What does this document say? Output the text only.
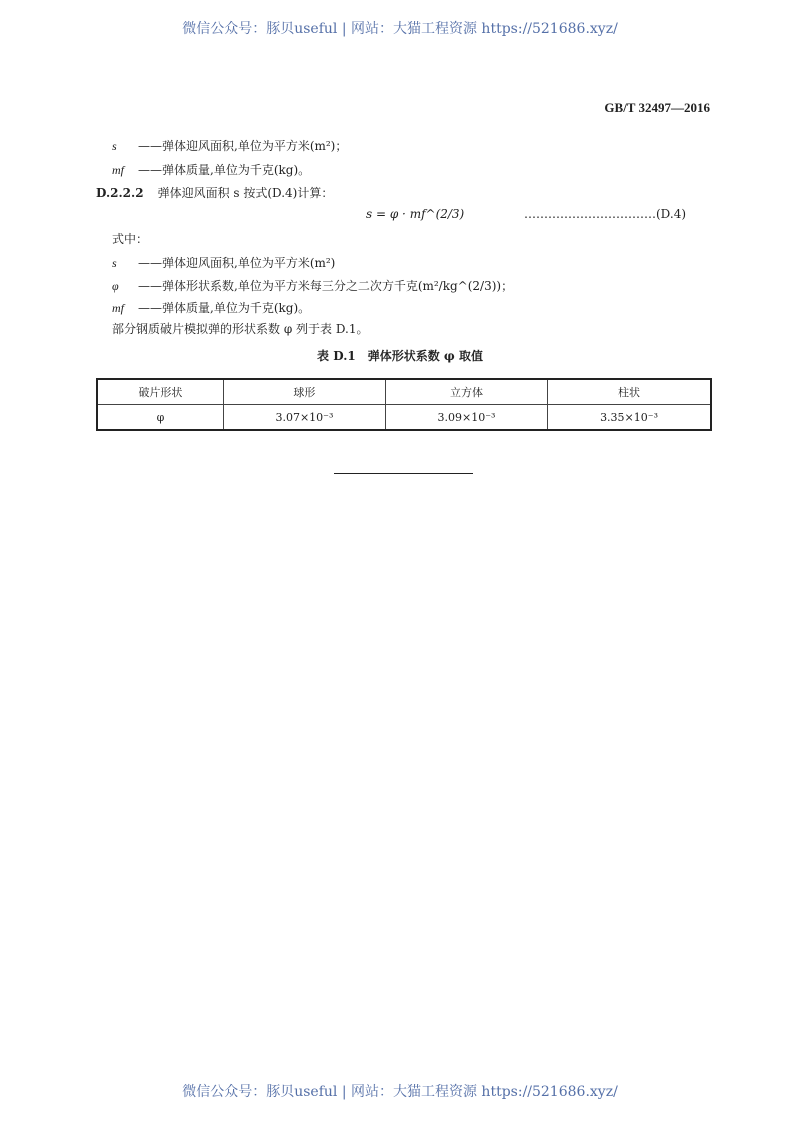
微信公众号：豚贝useful | 网站：大猫工程资源 https://521686.xyz/
GB/T 32497—2016
s ——弹体迎风面积,单位为平方米(m²)；
mf ——弹体质量,单位为千克(kg)。
D.2.2.2 弹体迎风面积 s 按式(D.4)计算：
s = φ · mf^(2/3)	……………………………(D.4)
式中：
s ——弹体迎风面积,单位为平方米(m²)
φ ——弹体形状系数,单位为平方米每三分之二次方千克(m²/kg^(2/3))；
mf ——弹体质量,单位为千克(kg)。
部分钢质破片模拟弹的形状系数 φ 列于表 D.1。
表 D.1　弹体形状系数 φ 取值
破片形状	球形	立方体	柱状
φ	3.07×10⁻³	3.09×10⁻³	3.35×10⁻³
微信公众号：豚贝useful | 网站：大猫工程资源 https://521686.xyz/
